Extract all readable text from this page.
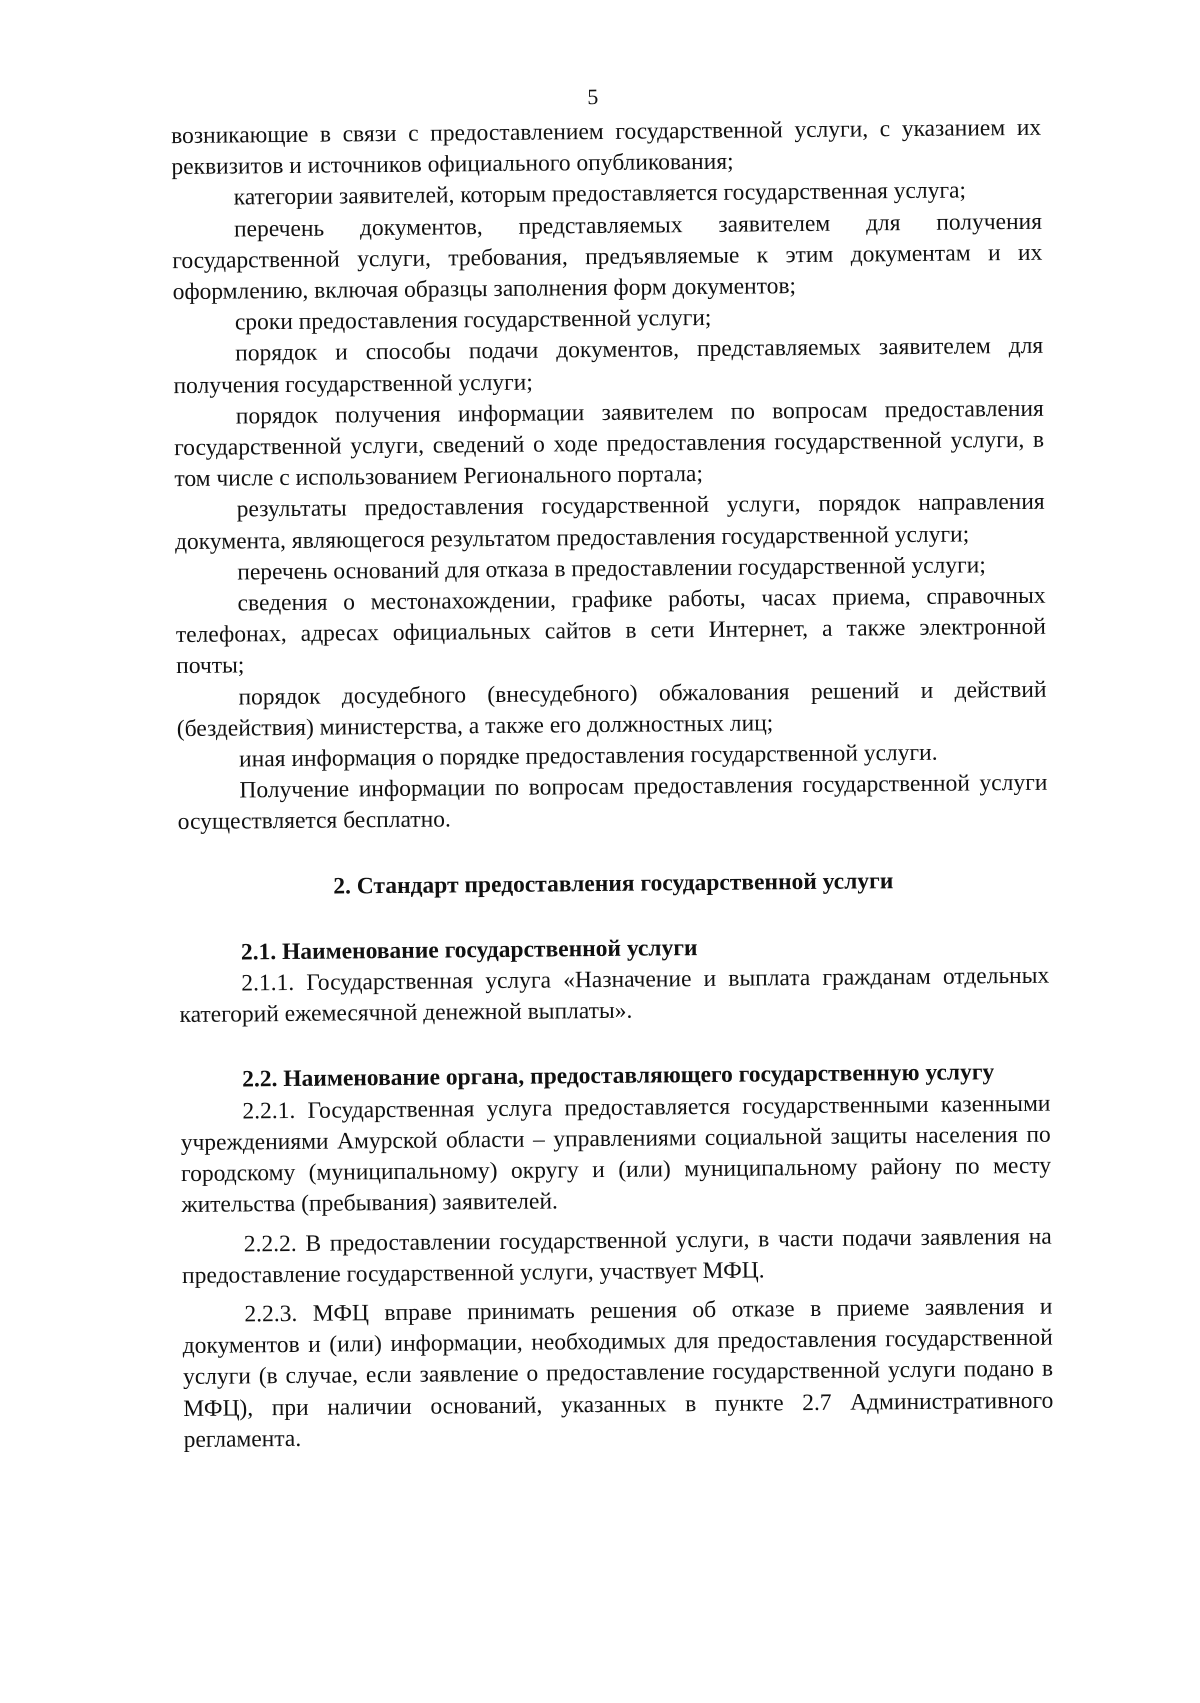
5

возникающие в связи с предоставлением государственной услуги, с указанием их реквизитов и источников официального опубликования;

категории заявителей, которым предоставляется государственная услуга;

перечень документов, представляемых заявителем для получения государственной услуги, требования, предъявляемые к этим документам и их оформлению, включая образцы заполнения форм документов;

сроки предоставления государственной услуги;

порядок и способы подачи документов, представляемых заявителем для получения государственной услуги;

порядок получения информации заявителем по вопросам предоставления государственной услуги, сведений о ходе предоставления государственной услуги, в том числе с использованием Регионального портала;

результаты предоставления государственной услуги, порядок направления документа, являющегося результатом предоставления государственной услуги;

перечень оснований для отказа в предоставлении государственной услуги;

сведения о местонахождении, графике работы, часах приема, справочных телефонах, адресах официальных сайтов в сети Интернет, а также электронной почты;

порядок досудебного (внесудебного) обжалования решений и действий (бездействия) министерства, а также его должностных лиц;

иная информация о порядке предоставления государственной услуги.

Получение информации по вопросам предоставления государственной услуги осуществляется бесплатно.

2. Стандарт предоставления государственной услуги

2.1. Наименование государственной услуги

2.1.1. Государственная услуга «Назначение и выплата гражданам отдельных категорий ежемесячной денежной выплаты».

2.2. Наименование органа, предоставляющего государственную услугу

2.2.1. Государственная услуга предоставляется государственными казенными учреждениями Амурской области – управлениями социальной защиты населения по городскому (муниципальному) округу и (или) муниципальному району по месту жительства (пребывания) заявителей.

2.2.2. В предоставлении государственной услуги, в части подачи заявления на предоставление государственной услуги, участвует МФЦ.

2.2.3. МФЦ вправе принимать решения об отказе в приеме заявления и документов и (или) информации, необходимых для предоставления государственной услуги (в случае, если заявление о предоставление государственной услуги подано в МФЦ), при наличии оснований, указанных в пункте 2.7 Административного регламента.
